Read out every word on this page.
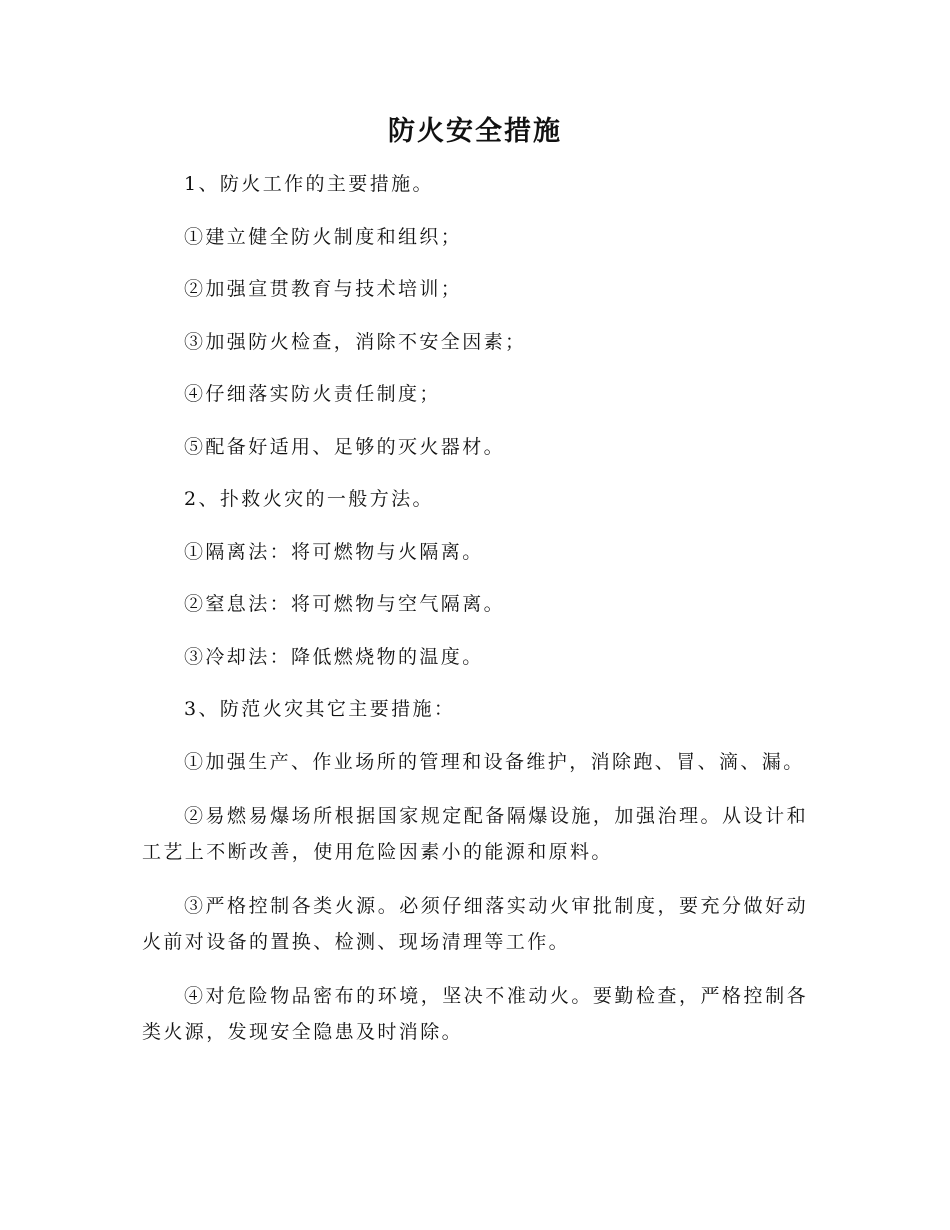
防火安全措施

1、防火工作的主要措施。

①建立健全防火制度和组织；

②加强宣贯教育与技术培训；

③加强防火检查，消除不安全因素；

④仔细落实防火责任制度；

⑤配备好适用、足够的灭火器材。

2、扑救火灾的一般方法。

①隔离法：将可燃物与火隔离。

②窒息法：将可燃物与空气隔离。

③冷却法：降低燃烧物的温度。

3、防范火灾其它主要措施：

①加强生产、作业场所的管理和设备维护，消除跑、冒、滴、漏。

②易燃易爆场所根据国家规定配备隔爆设施，加强治理。从设计和工艺上不断改善，使用危险因素小的能源和原料。

③严格控制各类火源。必须仔细落实动火审批制度，要充分做好动火前对设备的置换、检测、现场清理等工作。

④对危险物品密布的环境，坚决不准动火。要勤检查，严格控制各类火源，发现安全隐患及时消除。
